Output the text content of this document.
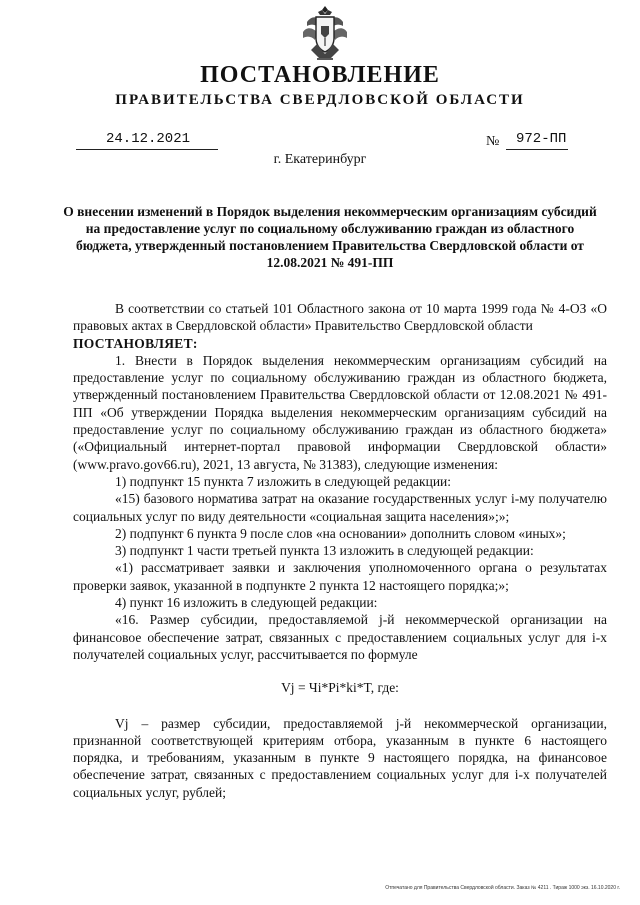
ПОСТАНОВЛЕНИЕ
ПРАВИТЕЛЬСТВА СВЕРДЛОВСКОЙ ОБЛАСТИ
24.12.2021	№ 972-ПП
г. Екатеринбург
О внесении изменений в Порядок выделения некоммерческим организациям субсидий на предоставление услуг по социальному обслуживанию граждан из областного бюджета, утвержденный постановлением Правительства Свердловской области от 12.08.2021 № 491-ПП

В соответствии со статьей 101 Областного закона от 10 марта 1999 года № 4-ОЗ «О правовых актах в Свердловской области» Правительство Свердловской области

ПОСТАНОВЛЯЕТ:

1. Внести в Порядок выделения некоммерческим организациям субсидий на предоставление услуг по социальному обслуживанию граждан из областного бюджета, утвержденный постановлением Правительства Свердловской области от 12.08.2021 № 491-ПП «Об утверждении Порядка выделения некоммерческим организациям субсидий на предоставление услуг по социальному обслуживанию граждан из областного бюджета» («Официальный интернет-портал правовой информации Свердловской области» (www.pravo.gov66.ru), 2021, 13 августа, № 31383), следующие изменения:

1) подпункт 15 пункта 7 изложить в следующей редакции:

«15) базового норматива затрат на оказание государственных услуг i-му получателю социальных услуг по виду деятельности «социальная защита населения»;»;

2) подпункт 6 пункта 9 после слов «на основании» дополнить словом «иных»;

3) подпункт 1 части третьей пункта 13 изложить в следующей редакции:

«1) рассматривает заявки и заключения уполномоченного органа о результатах проверки заявок, указанной в подпункте 2 пункта 12 настоящего порядка;»;

4) пункт 16 изложить в следующей редакции:

«16. Размер субсидии, предоставляемой j-й некоммерческой организации на финансовое обеспечение затрат, связанных с предоставлением социальных услуг для i-х получателей социальных услуг, рассчитывается по формуле

Vj = Чi*Pi*ki*T, где:

Vj – размер субсидии, предоставляемой j-й некоммерческой организации, признанной соответствующей критериям отбора, указанным в пункте 6 настоящего порядка, и требованиям, указанным в пункте 9 настоящего порядка, на финансовое обеспечение затрат, связанных с предоставлением социальных услуг для i-х получателей социальных услуг, рублей;

Отпечатано для Правительства Свердловской области. Заказ № 4211 . Тираж 1000 экз. 16.10.2020 г.
